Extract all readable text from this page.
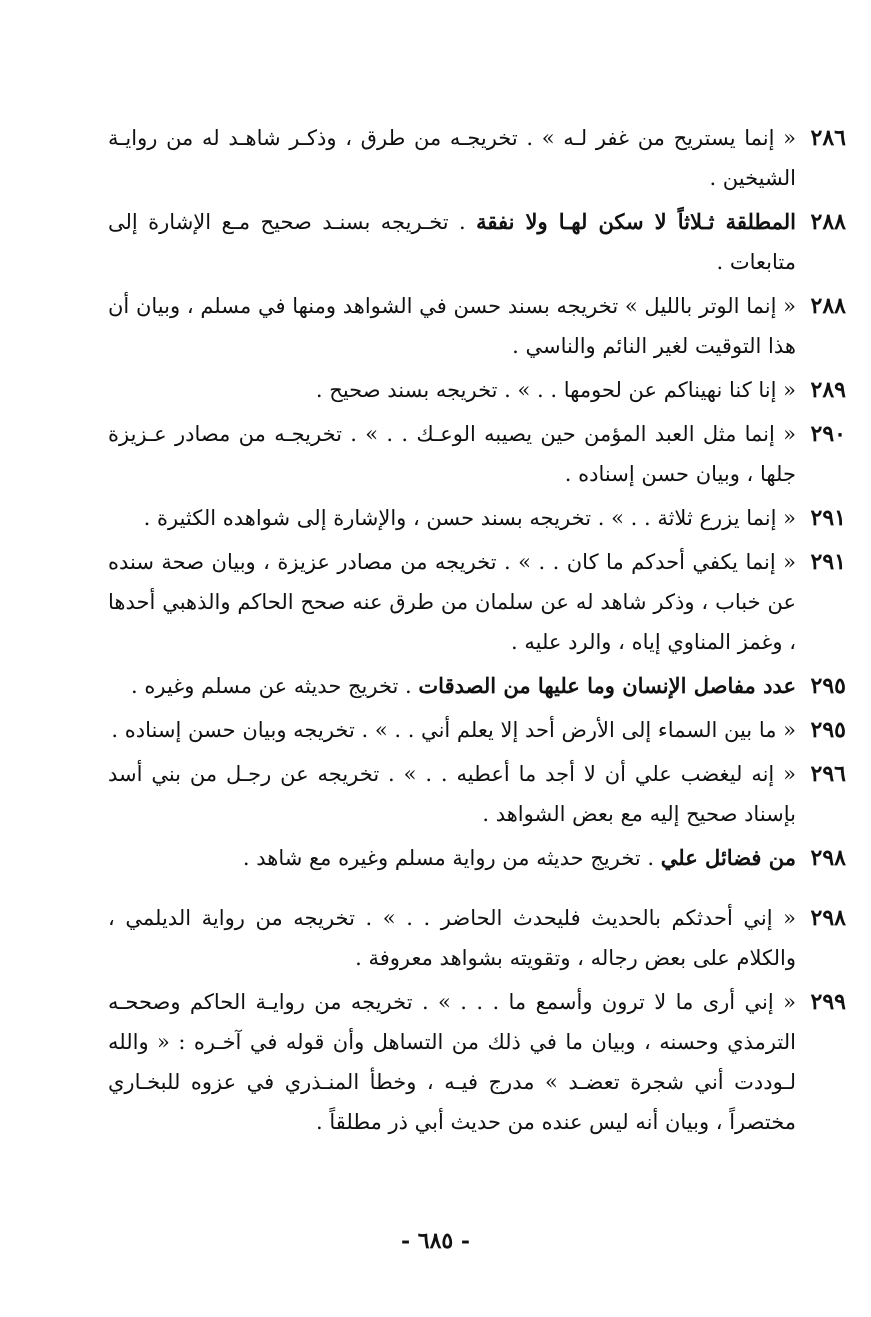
٢٨٦
« إنما يستريح من غفر لـه » . تخريجـه من طرق ، وذكـر شاهـد له من روايـة الشيخين .
٢٨٨
المطلقة ثـلاثاً لا سكن لهـا ولا نفقة . تخـريجه بسنـد صحيح مـع الإشارة إلى متابعات .
٢٨٨
« إنما الوتر بالليل » تخريجه بسند حسن في الشواهد ومنها في مسلم ، وبيان أن هذا التوقيت لغير النائم والناسي .
٢٨٩
« إنا كنا نهيناكم عن لحومها . . » . تخريجه بسند صحيح .
٢٩٠
« إنما مثل العبد المؤمن حين يصيبه الوعـك . . » . تخريجـه من مصادر عـزيزة جلها ، وبيان حسن إسناده .
٢٩١
« إنما يزرع ثلاثة . . » . تخريجه بسند حسن ، والإشارة إلى شواهده الكثيرة .
٢٩١
« إنما يكفي أحدكم ما كان . . » . تخريجه من مصادر عزيزة ، وبيان صحة سنده عن خباب ، وذكر شاهد له عن سلمان من طرق عنه صحح الحاكم والذهبي أحدها ، وغمز المناوي إياه ، والرد عليه .
٢٩٥
عدد مفاصل الإنسان وما عليها من الصدقات . تخريج حديثه عن مسلم وغيره .
٢٩٥
« ما بين السماء إلى الأرض أحد إلا يعلم أني . . » . تخريجه وبيان حسن إسناده .
٢٩٦
« إنه ليغضب علي أن لا أجد ما أعطيه . . » . تخريجه عن رجـل من بني أسد بإسناد صحيح إليه مع بعض الشواهد .
٢٩٨
من فضائل علي . تخريج حديثه من رواية مسلم وغيره مع شاهد .
٢٩٨
« إني أحدثكم بالحديث فليحدث الحاضر . . » . تخريجه من رواية الديلمي ، والكلام على بعض رجاله ، وتقويته بشواهد معروفة .
٢٩٩
« إني أرى ما لا ترون وأسمع ما . . . » . تخريجه من روايـة الحاكم وصححـه الترمذي وحسنه ، وبيان ما في ذلك من التساهل وأن قوله في آخـره : « والله لـوددت أني شجرة تعضـد » مدرج فيـه ، وخطأ المنـذري في عزوه للبخـاري مختصراً ، وبيان أنه ليس عنده من حديث أبي ذر مطلقاً .
- ٦٨٥ -
